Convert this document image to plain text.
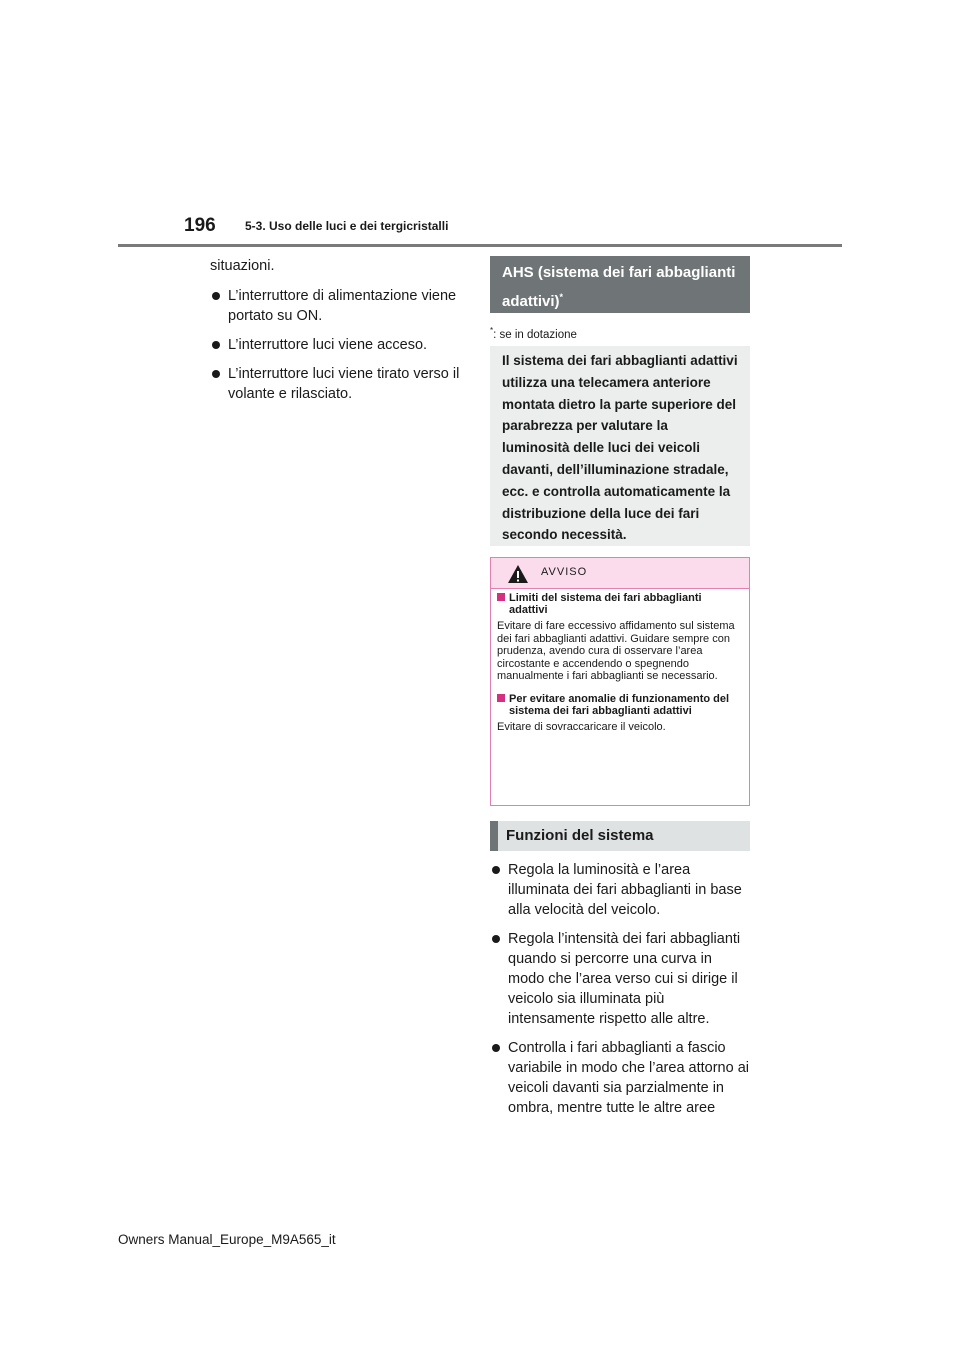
196 5-3. Uso delle luci e dei tergicristalli

situazioni.

L’interruttore di alimentazione viene portato su ON.
L’interruttore luci viene acceso.
L’interruttore luci viene tirato verso il volante e rilasciato.
AHS (sistema dei fari abbaglianti adattivi)*
*: se in dotazione
Il sistema dei fari abbaglianti adattivi utilizza una telecamera anteriore montata dietro la parte superiore del parabrezza per valutare la luminosità delle luci dei veicoli davanti, dell’illuminazione stradale, ecc. e controlla automaticamente la distribuzione della luce dei fari secondo necessità.
AVVISO

Limiti del sistema dei fari abbaglianti adattivi

Evitare di fare eccessivo affidamento sul sistema dei fari abbaglianti adattivi. Guidare sempre con prudenza, avendo cura di osservare l’area circostante e accendendo o spegnendo manualmente i fari abbaglianti se necessario.

Per evitare anomalie di funzionamento del sistema dei fari abbaglianti adattivi

Evitare di sovraccaricare il veicolo.

Funzioni del sistema
Regola la luminosità e l’area illuminata dei fari abbaglianti in base alla velocità del veicolo.
Regola l’intensità dei fari abbaglianti quando si percorre una curva in modo che l’area verso cui si dirige il veicolo sia illuminata più intensamente rispetto alle altre.
Controlla i fari abbaglianti a fascio variabile in modo che l’area attorno ai veicoli davanti sia parzialmente in ombra, mentre tutte le altre aree
Owners Manual_Europe_M9A565_it
